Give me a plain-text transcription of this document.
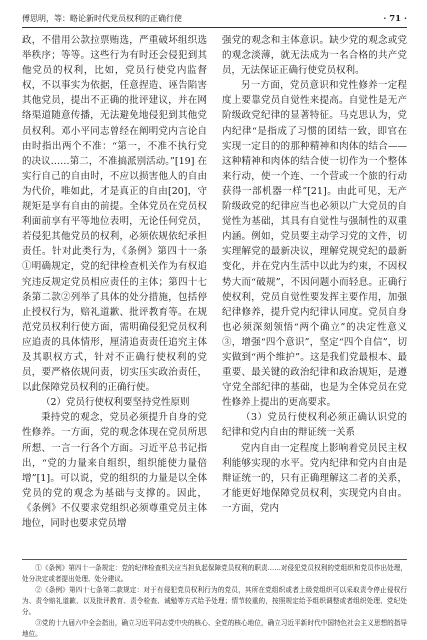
傅思明，等：略论新时代党员权利的正确行使	· 71 ·

政，不借用公款拉票贿选，严重破坏组织选举秩序；等等。这些行为有时还会侵犯到其他党员的权利，比如，党员行使党内监督权，不以事实为依据，任意捏造、诬告陷害其他党员，提出不正确的批评建议，并在网络渠道随意传播，无法避免地侵犯到其他党员权利。邓小平同志曾经在阐明党内言论自由时指出两个不准：“第一，不准不执行党的决议……第二，不准搞派别活动。”[19] 在实行自己的自由时，不应以损害他人的自由为代价，唯如此，才是真正的自由[20]，守规矩是享有自由的前提。全体党员在党员权利面前享有平等地位表明，无论任何党员，若侵犯其他党员的权利，必须依规依纪承担责任。针对此类行为，《条例》第四十一条①明确规定，党的纪律检查机关作为有权追究违反规定党员相应责任的主体；第四十七条第二款②列举了具体的处分措施，包括停止授权行为，赔礼道歉、批评教育等。在规范党员权利行使方面，需明确侵犯党员权利应追责的具体情形，厘清追责责任追究主体及其职权方式，针对不正确行使权利的党员，要严格依规问责，切实压实政治责任，以此保障党员权利的正确行使。

（2）党员行使权利要坚持党性原则

秉持党的观念，党员必须提升自身的党性修养。一方面，党的观念体现在党员所思所想、一言一行各个方面。习近平总书记指出，“党的力量来自组织，组织能使力量倍增”[1]。可以说，党的组织的力量是以全体党员的党的观念为基础与支撑的。因此，《条例》不仅要求党组织必须尊重党员主体地位，同时也要求党员增

强党的观念和主体意识。缺少党的观念或党的观念淡薄，就无法成为一名合格的共产党员，无法保证正确行使党员权利。

另一方面，党员意识和党性修养一定程度上要靠党员自觉性来提高。自觉性是无产阶级政党纪律的显著特征。马克思认为，党内纪律“是指成了习惯的团结一致，即官在实现一定目的的那种精神和肉体的结合——这种精神和肉体的结合使一切作为一个整体来行动，使一个连、一个营或一个旅的行动获得一部机器一样”[21]。由此可见，无产阶级政党的纪律应当也必须以广大党员的自觉性为基础，其具有自觉性与强制性的双重内涵。例如，党员要主动学习党的文件，切实理解党的最新决议，理解党规党纪的最新变化，并在党内生活中以此为约束，不因权势大而“破规”，不因问题小而轻息。正确行使权利，党员自觉性要发挥主要作用，加强纪律修养，提升党内纪律认同度。党员自身也必须深刻领悟“两个确立”的决定性意义③，增强“四个意识”，坚定“四个自信”，切实做到“两个维护”。这是我们党最根本、最重要、最关键的政治纪律和政治规矩，是遵守党全部纪律的基础，也是为全体党员在党性修养上提出的更高要求。

（3）党员行使权利必须正确认识党的纪律和党内自由的辩证统一关系

党内自由一定程度上影响着党员民主权利能够实现的水平。党内纪律和党内自由是辩证统一的，只有正确理解这二者的关系，才能更好地保障党员权利，实现党内自由。一方面，党内

①《条例》第四十一条规定：党的纪律检查机关应当担负起保障党员权利的职责……对侵犯党员权利的党组织和党员作出处理，处分决定或者提出处理、处分建议。

②《条例》第四十七条第二款规定：对于有侵犯党员权利行为的党员，其所在党组织或者上级党组织可以采取责令停止侵权行为、责令赔礼道歉、以及批评教育、责令检查、诫勉等方式给予处理；情节较重的，按照规定给予组织调整或者组织处理、党纪处分。

③党的十九届六中全会指出，确立习近平同志党中央的核心、全党的核心地位，确立习近平新时代中国特色社会主义思想的指导地位。
